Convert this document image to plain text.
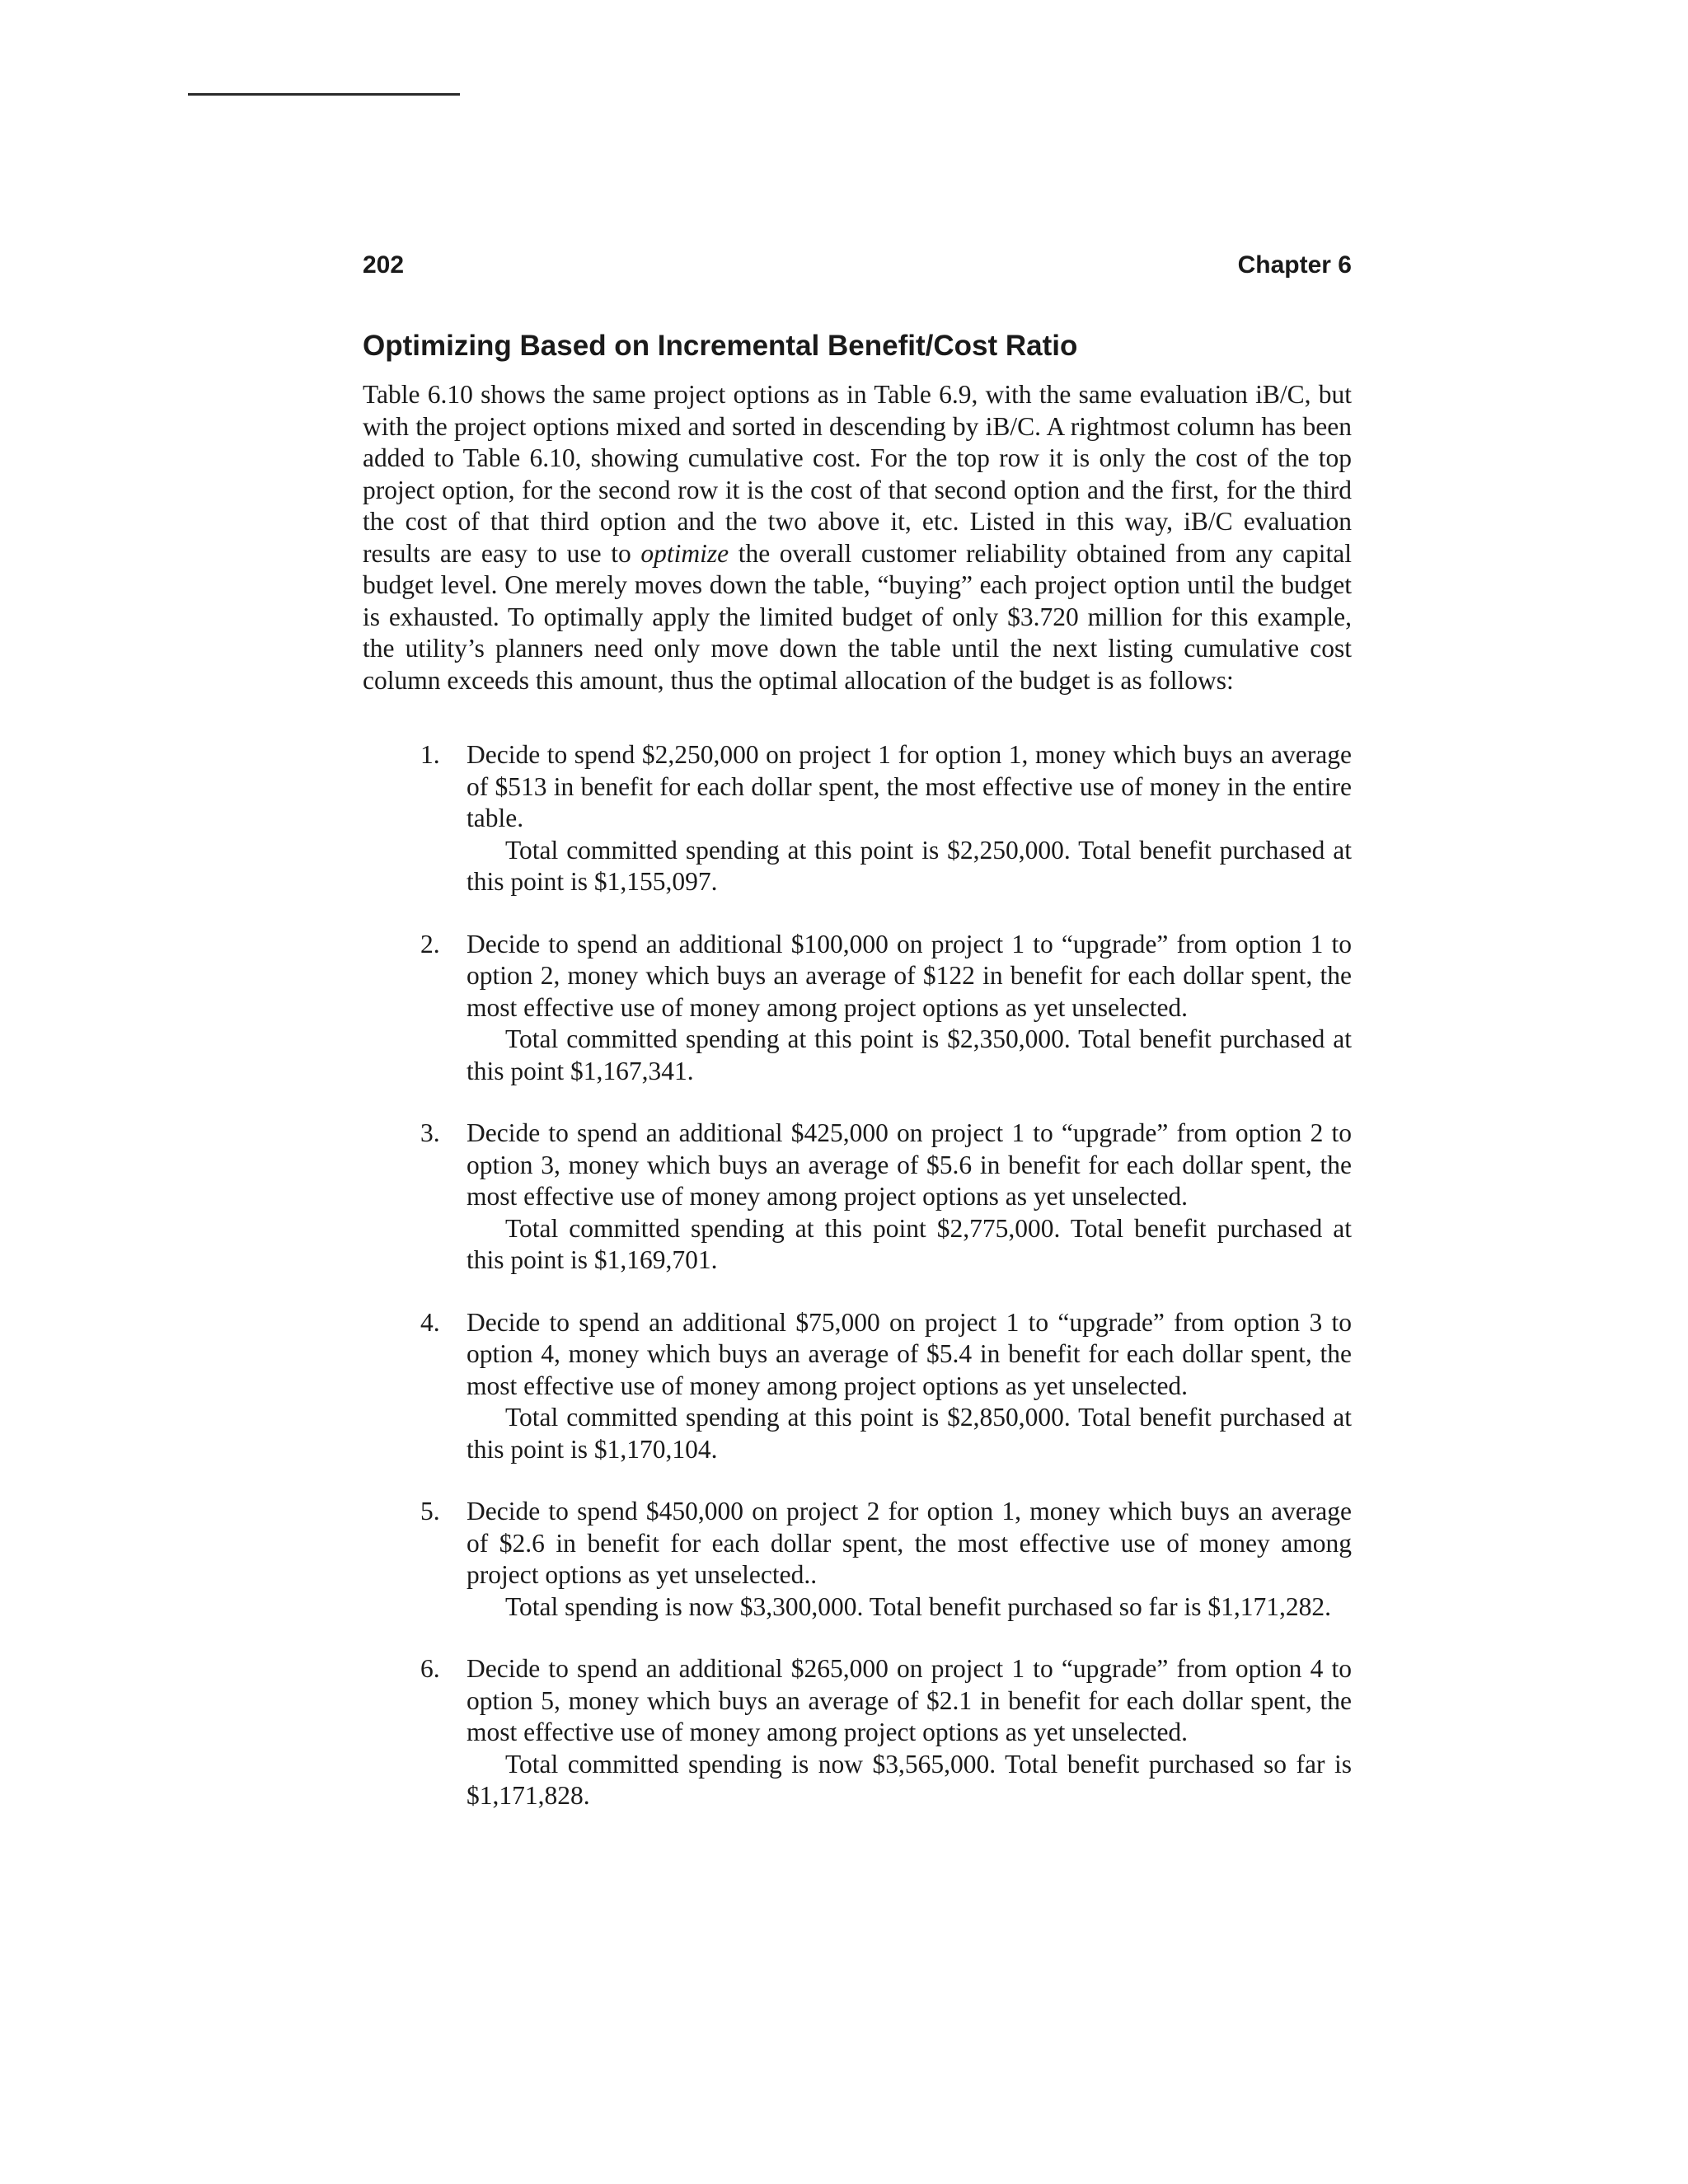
202	Chapter 6
Optimizing Based on Incremental Benefit/Cost Ratio

Table 6.10 shows the same project options as in Table 6.9, with the same evaluation iB/C, but with the project options mixed and sorted in descending by iB/C. A rightmost column has been added to Table 6.10, showing cumulative cost. For the top row it is only the cost of the top project option, for the second row it is the cost of that second option and the first, for the third the cost of that third option and the two above it, etc. Listed in this way, iB/C evaluation results are easy to use to optimize the overall customer reliability obtained from any capital budget level. One merely moves down the table, “buying” each project option until the budget is exhausted. To optimally apply the limited budget of only $3.720 million for this example, the utility’s planners need only move down the table until the next listing cumulative cost column exceeds this amount, thus the optimal allocation of the budget is as follows:

1. Decide to spend $2,250,000 on project 1 for option 1, money which buys an average of $513 in benefit for each dollar spent, the most effective use of money in the entire table.

Total committed spending at this point is $2,250,000. Total benefit purchased at this point is $1,155,097.

2. Decide to spend an additional $100,000 on project 1 to “upgrade” from option 1 to option 2, money which buys an average of $122 in benefit for each dollar spent, the most effective use of money among project options as yet unselected.

Total committed spending at this point is $2,350,000. Total benefit purchased at this point $1,167,341.

3. Decide to spend an additional $425,000 on project 1 to “upgrade” from option 2 to option 3, money which buys an average of $5.6 in benefit for each dollar spent, the most effective use of money among project options as yet unselected.

Total committed spending at this point $2,775,000. Total benefit purchased at this point is $1,169,701.

4. Decide to spend an additional $75,000 on project 1 to “upgrade” from option 3 to option 4, money which buys an average of $5.4 in benefit for each dollar spent, the most effective use of money among project options as yet unselected.

Total committed spending at this point is $2,850,000. Total benefit purchased at this point is $1,170,104.

5. Decide to spend $450,000 on project 2 for option 1, money which buys an average of $2.6 in benefit for each dollar spent, the most effective use of money among project options as yet unselected..

Total spending is now $3,300,000. Total benefit purchased so far is $1,171,282.

6. Decide to spend an additional $265,000 on project 1 to “upgrade” from option 4 to option 5, money which buys an average of $2.1 in benefit for each dollar spent, the most effective use of money among project options as yet unselected.

Total committed spending is now $3,565,000. Total benefit purchased so far is $1,171,828.
